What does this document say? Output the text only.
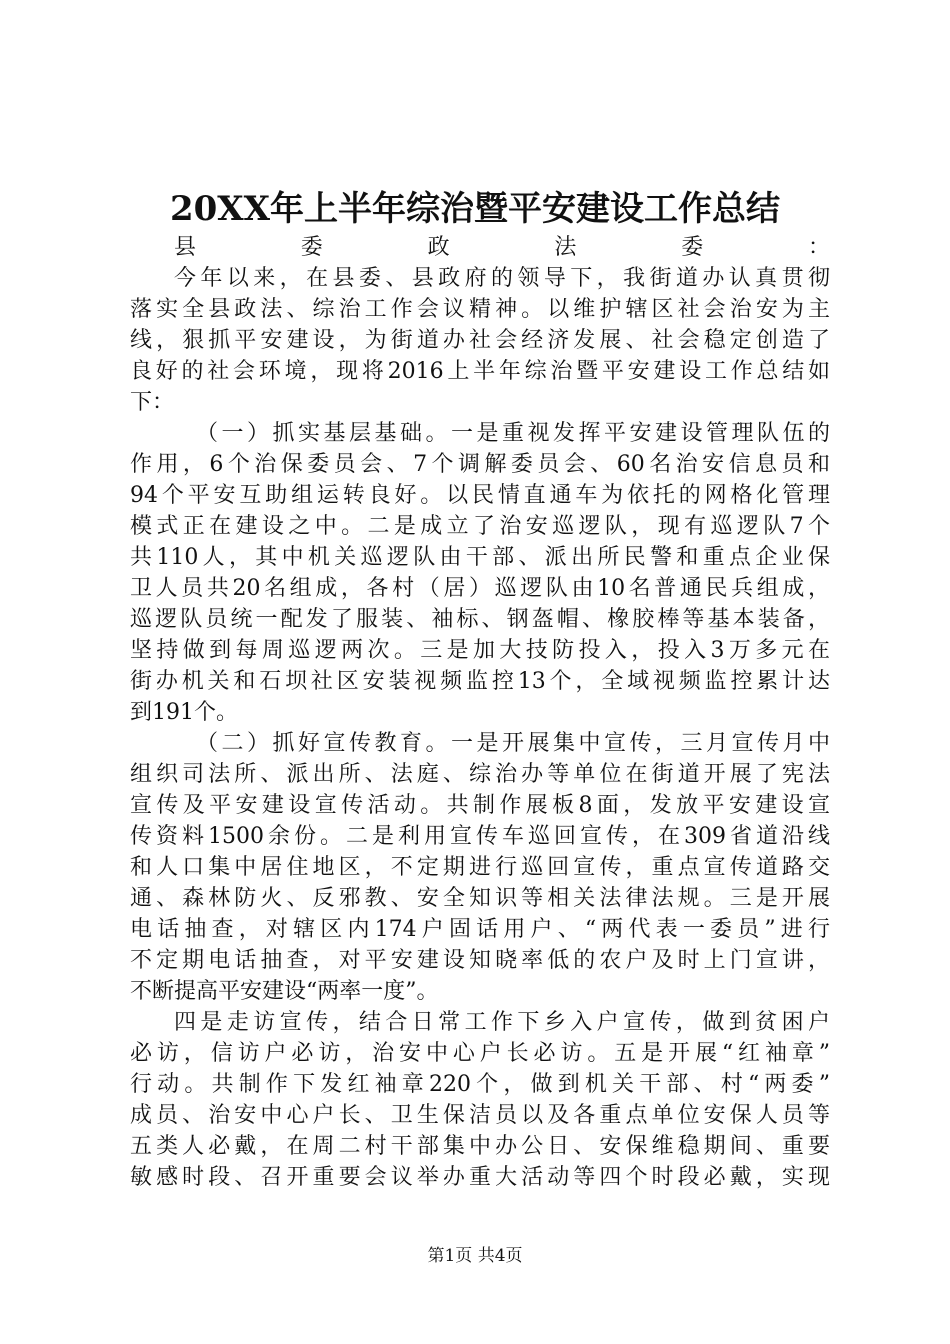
20XX年上半年综治暨平安建设工作总结
县委政法委：
今年以来，在县委、县政府的领导下，我街道办认真贯彻
落实全县政法、综治工作会议精神。以维护辖区社会治安为主
线，狠抓平安建设，为街道办社会经济发展、社会稳定创造了
良好的社会环境，现将2016上半年综治暨平安建设工作总结如
下：
（一）抓实基层基础。一是重视发挥平安建设管理队伍的
作用，6个治保委员会、7个调解委员会、60名治安信息员和
94个平安互助组运转良好。以民情直通车为依托的网格化管理
模式正在建设之中。二是成立了治安巡逻队，现有巡逻队7个
共110人，其中机关巡逻队由干部、派出所民警和重点企业保
卫人员共20名组成，各村（居）巡逻队由10名普通民兵组成，
巡逻队员统一配发了服装、袖标、钢盔帽、橡胶棒等基本装备，
坚持做到每周巡逻两次。三是加大技防投入，投入3万多元在
街办机关和石坝社区安装视频监控13个，全域视频监控累计达
到191个。
（二）抓好宣传教育。一是开展集中宣传，三月宣传月中
组织司法所、派出所、法庭、综治办等单位在街道开展了宪法
宣传及平安建设宣传活动。共制作展板8面，发放平安建设宣
传资料1500余份。二是利用宣传车巡回宣传，在309省道沿线
和人口集中居住地区，不定期进行巡回宣传，重点宣传道路交
通、森林防火、反邪教、安全知识等相关法律法规。三是开展
电话抽查，对辖区内174户固话用户、“两代表一委员”进行
不定期电话抽查，对平安建设知晓率低的农户及时上门宣讲，
不断提高平安建设“两率一度”。
四是走访宣传，结合日常工作下乡入户宣传，做到贫困户
必访，信访户必访，治安中心户长必访。五是开展“红袖章”
行动。共制作下发红袖章220个，做到机关干部、村“两委”
成员、治安中心户长、卫生保洁员以及各重点单位安保人员等
五类人必戴，在周二村干部集中办公日、安保维稳期间、重要
敏感时段、召开重要会议举办重大活动等四个时段必戴，实现
第1页 共4页
